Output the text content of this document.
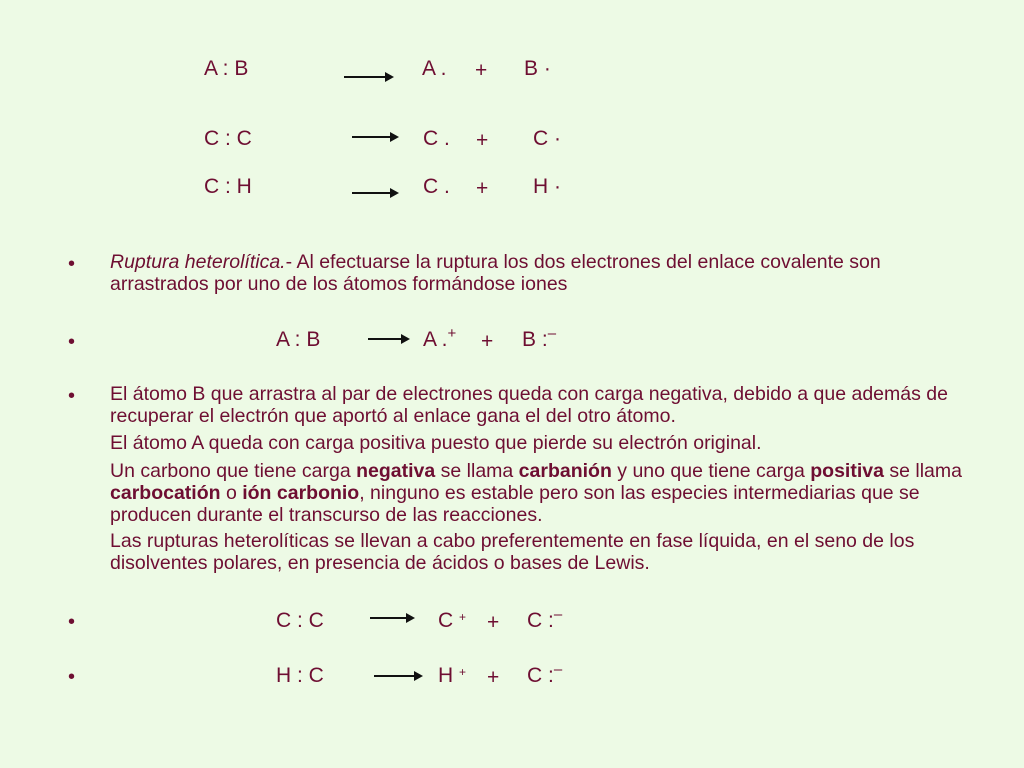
A : B	A . + B ·
C : C	C . + C ·
C : H	C . + H ·
• Ruptura heterolítica.- Al efectuarse la ruptura los dos electrones del enlace covalente son arrastrados por uno de los átomos formándose iones
•	A : B	→ A .+ + B :–
• El átomo B que arrastra al par de electrones queda con carga negativa, debido a que además de recuperar el electrón que aportó al enlace gana el del otro átomo.
El átomo A queda con carga positiva puesto que pierde su electrón original.
Un carbono que tiene carga negativa se llama carbanión y uno que tiene carga positiva se llama carbocatión o ión carbonio, ninguno es estable pero son las especies intermediarias que se producen durante el transcurso de las reacciones.
Las rupturas heterolíticas se llevan a cabo preferentemente en fase líquida, en el seno de los disolventes polares, en presencia de ácidos o bases de Lewis.
•	C : C	C + + C :–
•	H : C	→ H + + C :–
